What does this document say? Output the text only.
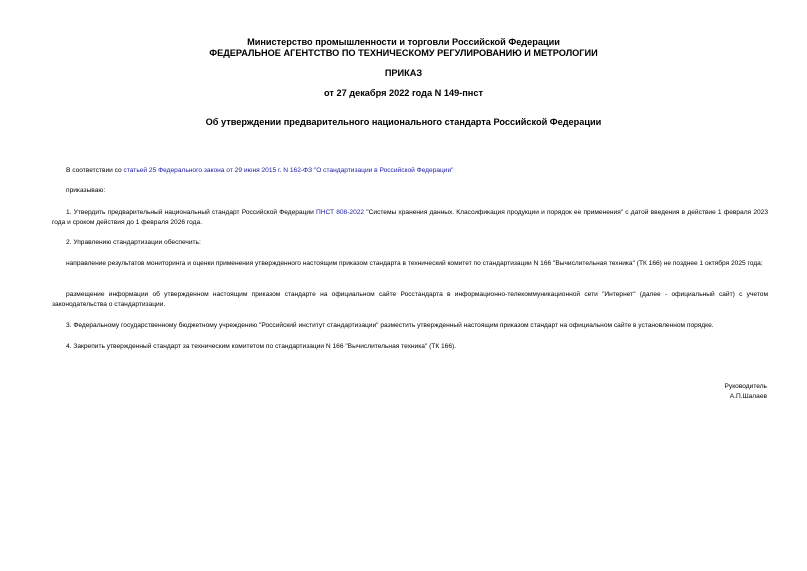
Министерство промышленности и торговли Российской Федерации
ФЕДЕРАЛЬНОЕ АГЕНТСТВО ПО ТЕХНИЧЕСКОМУ РЕГУЛИРОВАНИЮ И МЕТРОЛОГИИ
ПРИКАЗ
от 27 декабря 2022 года N 149-пнст
Об утверждении предварительного национального стандарта Российской Федерации
В соответствии со статьей 25 Федерального закона от 29 июня 2015 г. N 162-ФЗ "О стандартизации в Российской Федерации"
приказываю:
1. Утвердить предварительный национальный стандарт Российской Федерации ПНСТ 808-2022 "Системы хранения данных. Классификация продукции и порядок ее применения" с датой введения в действие 1 февраля 2023 года и сроком действия до 1 февраля 2026 года.
2. Управлению стандартизации обеспечить:
направление результатов мониторинга и оценки применения утвержденного настоящим приказом стандарта в технический комитет по стандартизации N 166 "Вычислительная техника" (ТК 166) не позднее 1 октября 2025 года;
размещение информации об утвержденном настоящим приказом стандарте на официальном сайте Росстандарта в информационно-телекоммуникационной сети "Интернет" (далее - официальный сайт) с учетом законодательства о стандартизации.
3. Федеральному государственному бюджетному учреждению "Российский институт стандартизации" разместить утвержденный настоящим приказом стандарт на официальном сайте в установленном порядке.
4. Закрепить утвержденный стандарт за техническим комитетом по стандартизации N 166 "Вычислительная техника" (ТК 166).
Руководитель
А.П.Шалаев
